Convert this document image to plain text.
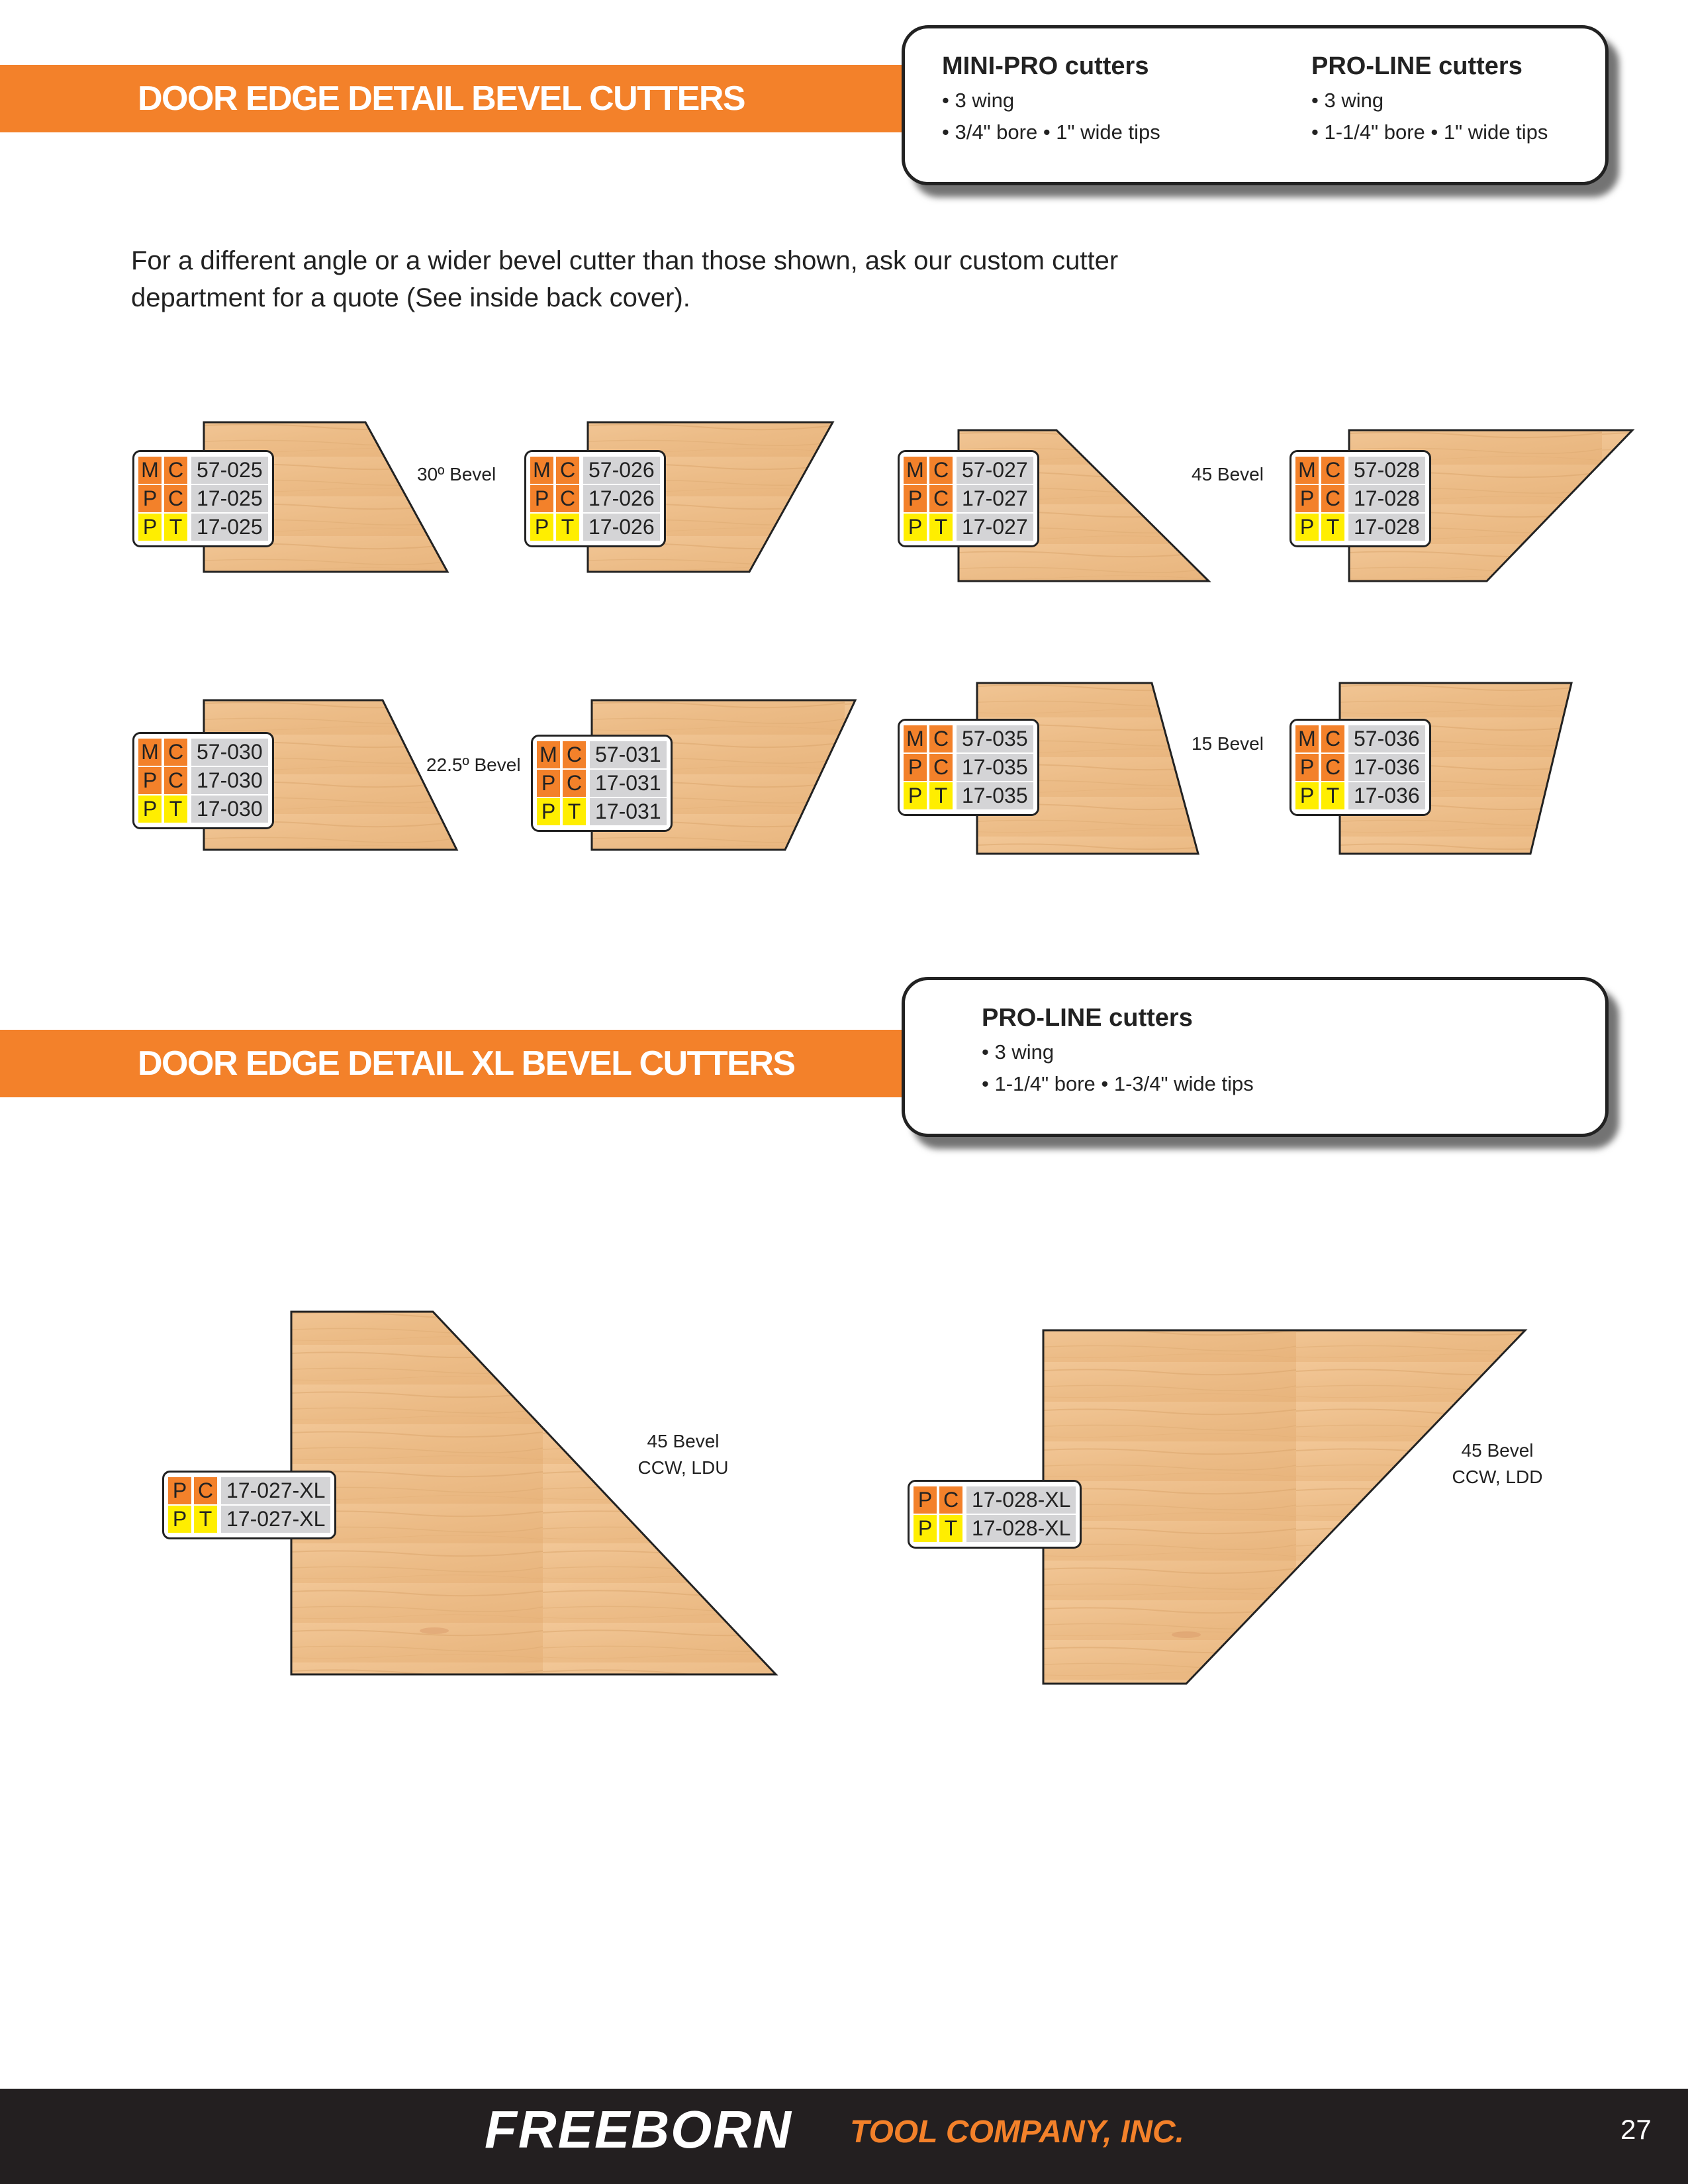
DOOR EDGE DETAIL BEVEL CUTTERS
MINI-PRO cutters

• 3 wing

• 3/4" bore • 1" wide tips

PRO-LINE cutters

• 3 wing

• 1-1/4" bore • 1" wide tips

For a different angle or a wider bevel cutter than those shown, ask our custom cutter department for a quote (See inside back cover).
M C 57-025
P C 17-025
P T 17-025
M C 57-026
P C 17-026
P T 17-026
M C 57-027
P C 17-027
P T 17-027
M C 57-028
P C 17-028
P T 17-028
M C 57-030
P C 17-030
P T 17-030
M C 57-031
P C 17-031
P T 17-031
M C 57-035
P C 17-035
P T 17-035
M C 57-036
P C 17-036
P T 17-036
30º Bevel	45 Bevel
22.5º Bevel
15 Bevel
DOOR EDGE DETAIL XL BEVEL CUTTERS
PRO-LINE cutters

• 3 wing

• 1-1/4" bore • 1-3/4" wide tips

P C 17-027-XL
P T 17-027-XL
P C 17-028-XL
P T 17-028-XL
45 Bevel
CCW, LDU
45 Bevel
CCW, LDD
FREEBORN TOOL COMPANY, INC.	27
